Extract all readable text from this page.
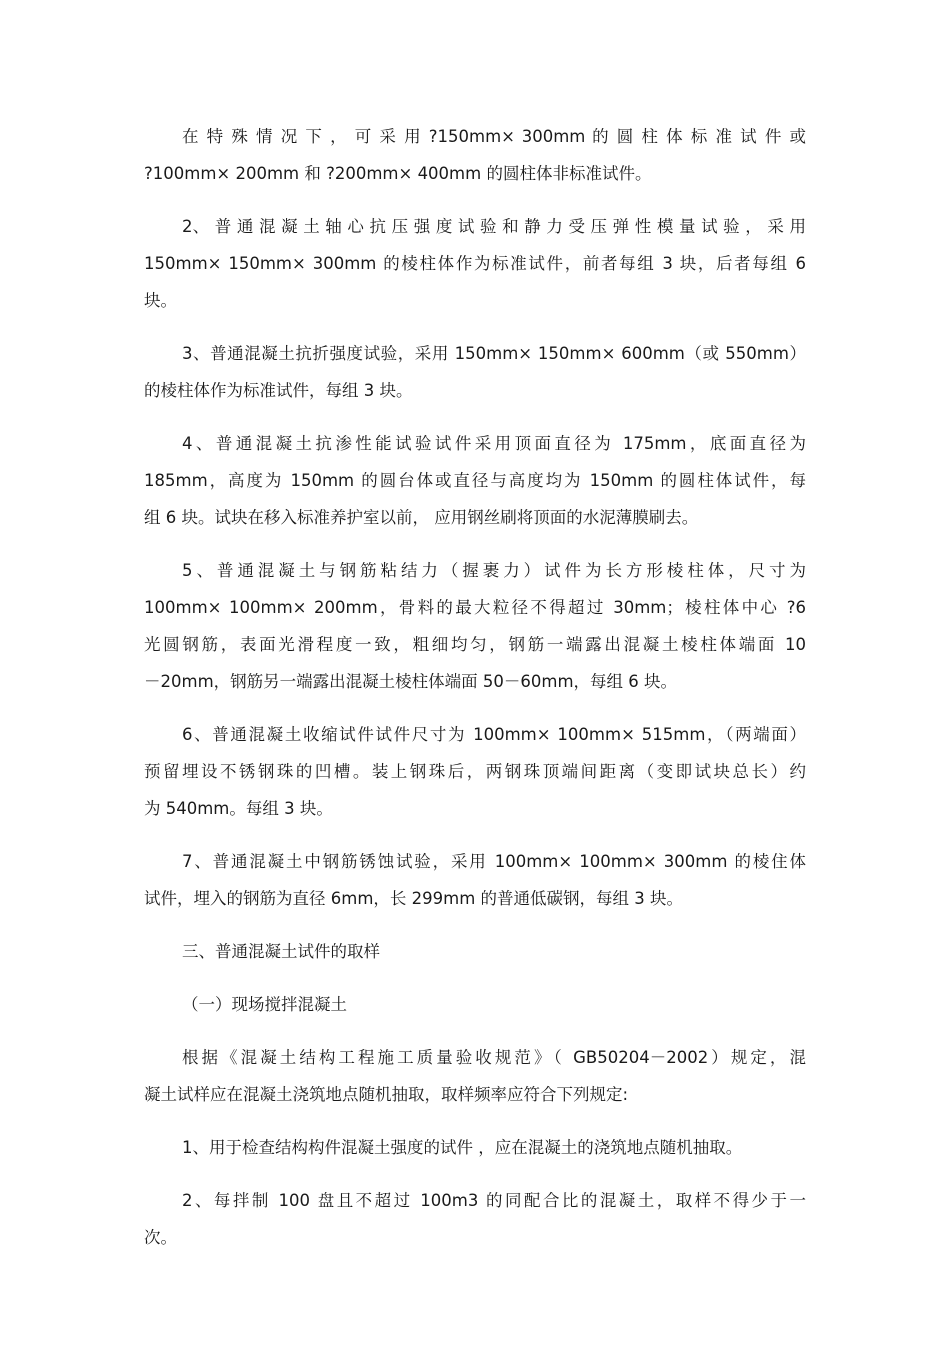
在 特 殊 情 况 下 ， 可 采 用 ?150mm× 300mm 的 圆 柱 体 标 准 试 件 或
?100mm× 200mm 和 ?200mm× 400mm 的圆柱体非标准试件。
2、 普 通 混 凝 土 轴 心 抗 压 强 度 试 验 和 静 力 受 压 弹 性 模 量 试 验 ， 采 用
150mm× 150mm× 300mm 的棱柱体作为标准试件，前者每组 3 块，后者每组 6
块。
3、普通混凝土抗折强度试验，采用 150mm× 150mm× 600mm（或 550mm）
的棱柱体作为标准试件，每组 3 块。
4、普通混凝土抗渗性能试验试件采用顶面直径为 175mm，底面直径为
185mm，高度为 150mm 的圆台体或直径与高度均为 150mm 的圆柱体试件，每
组 6 块。试块在移入标准养护室以前， 应用钢丝刷将顶面的水泥薄膜刷去。
5、普通混凝土与钢筋粘结力（握裹力）试件为长方形棱柱体，尺寸为
100mm× 100mm× 200mm，骨料的最大粒径不得超过 30mm；棱柱体中心 ?6
光圆钢筋，表面光滑程度一致，粗细均匀，钢筋一端露出混凝土棱柱体端面 10
－20mm，钢筋另一端露出混凝土棱柱体端面 50－60mm，每组 6 块。
6、普通混凝土收缩试件试件尺寸为 100mm× 100mm× 515mm，（两端面）
预留埋设不锈钢珠的凹槽。装上钢珠后，两钢珠顶端间距离（变即试块总长）约
为 540mm。每组 3 块。
7、普通混凝土中钢筋锈蚀试验，采用 100mm× 100mm× 300mm 的棱住体
试件，埋入的钢筋为直径 6mm，长 299mm 的普通低碳钢，每组 3 块。
三、普通混凝土试件的取样
（一）现场搅拌混凝土
根据《混凝土结构工程施工质量验收规范》（ GB50204－2002）规定，混
凝土试样应在混凝土浇筑地点随机抽取，取样频率应符合下列规定:
1、用于检查结构构件混凝土强度的试件 ，应在混凝土的浇筑地点随机抽取。
2、每拌制 100 盘且不超过 100m3 的同配合比的混凝土，取样不得少于一
次。
